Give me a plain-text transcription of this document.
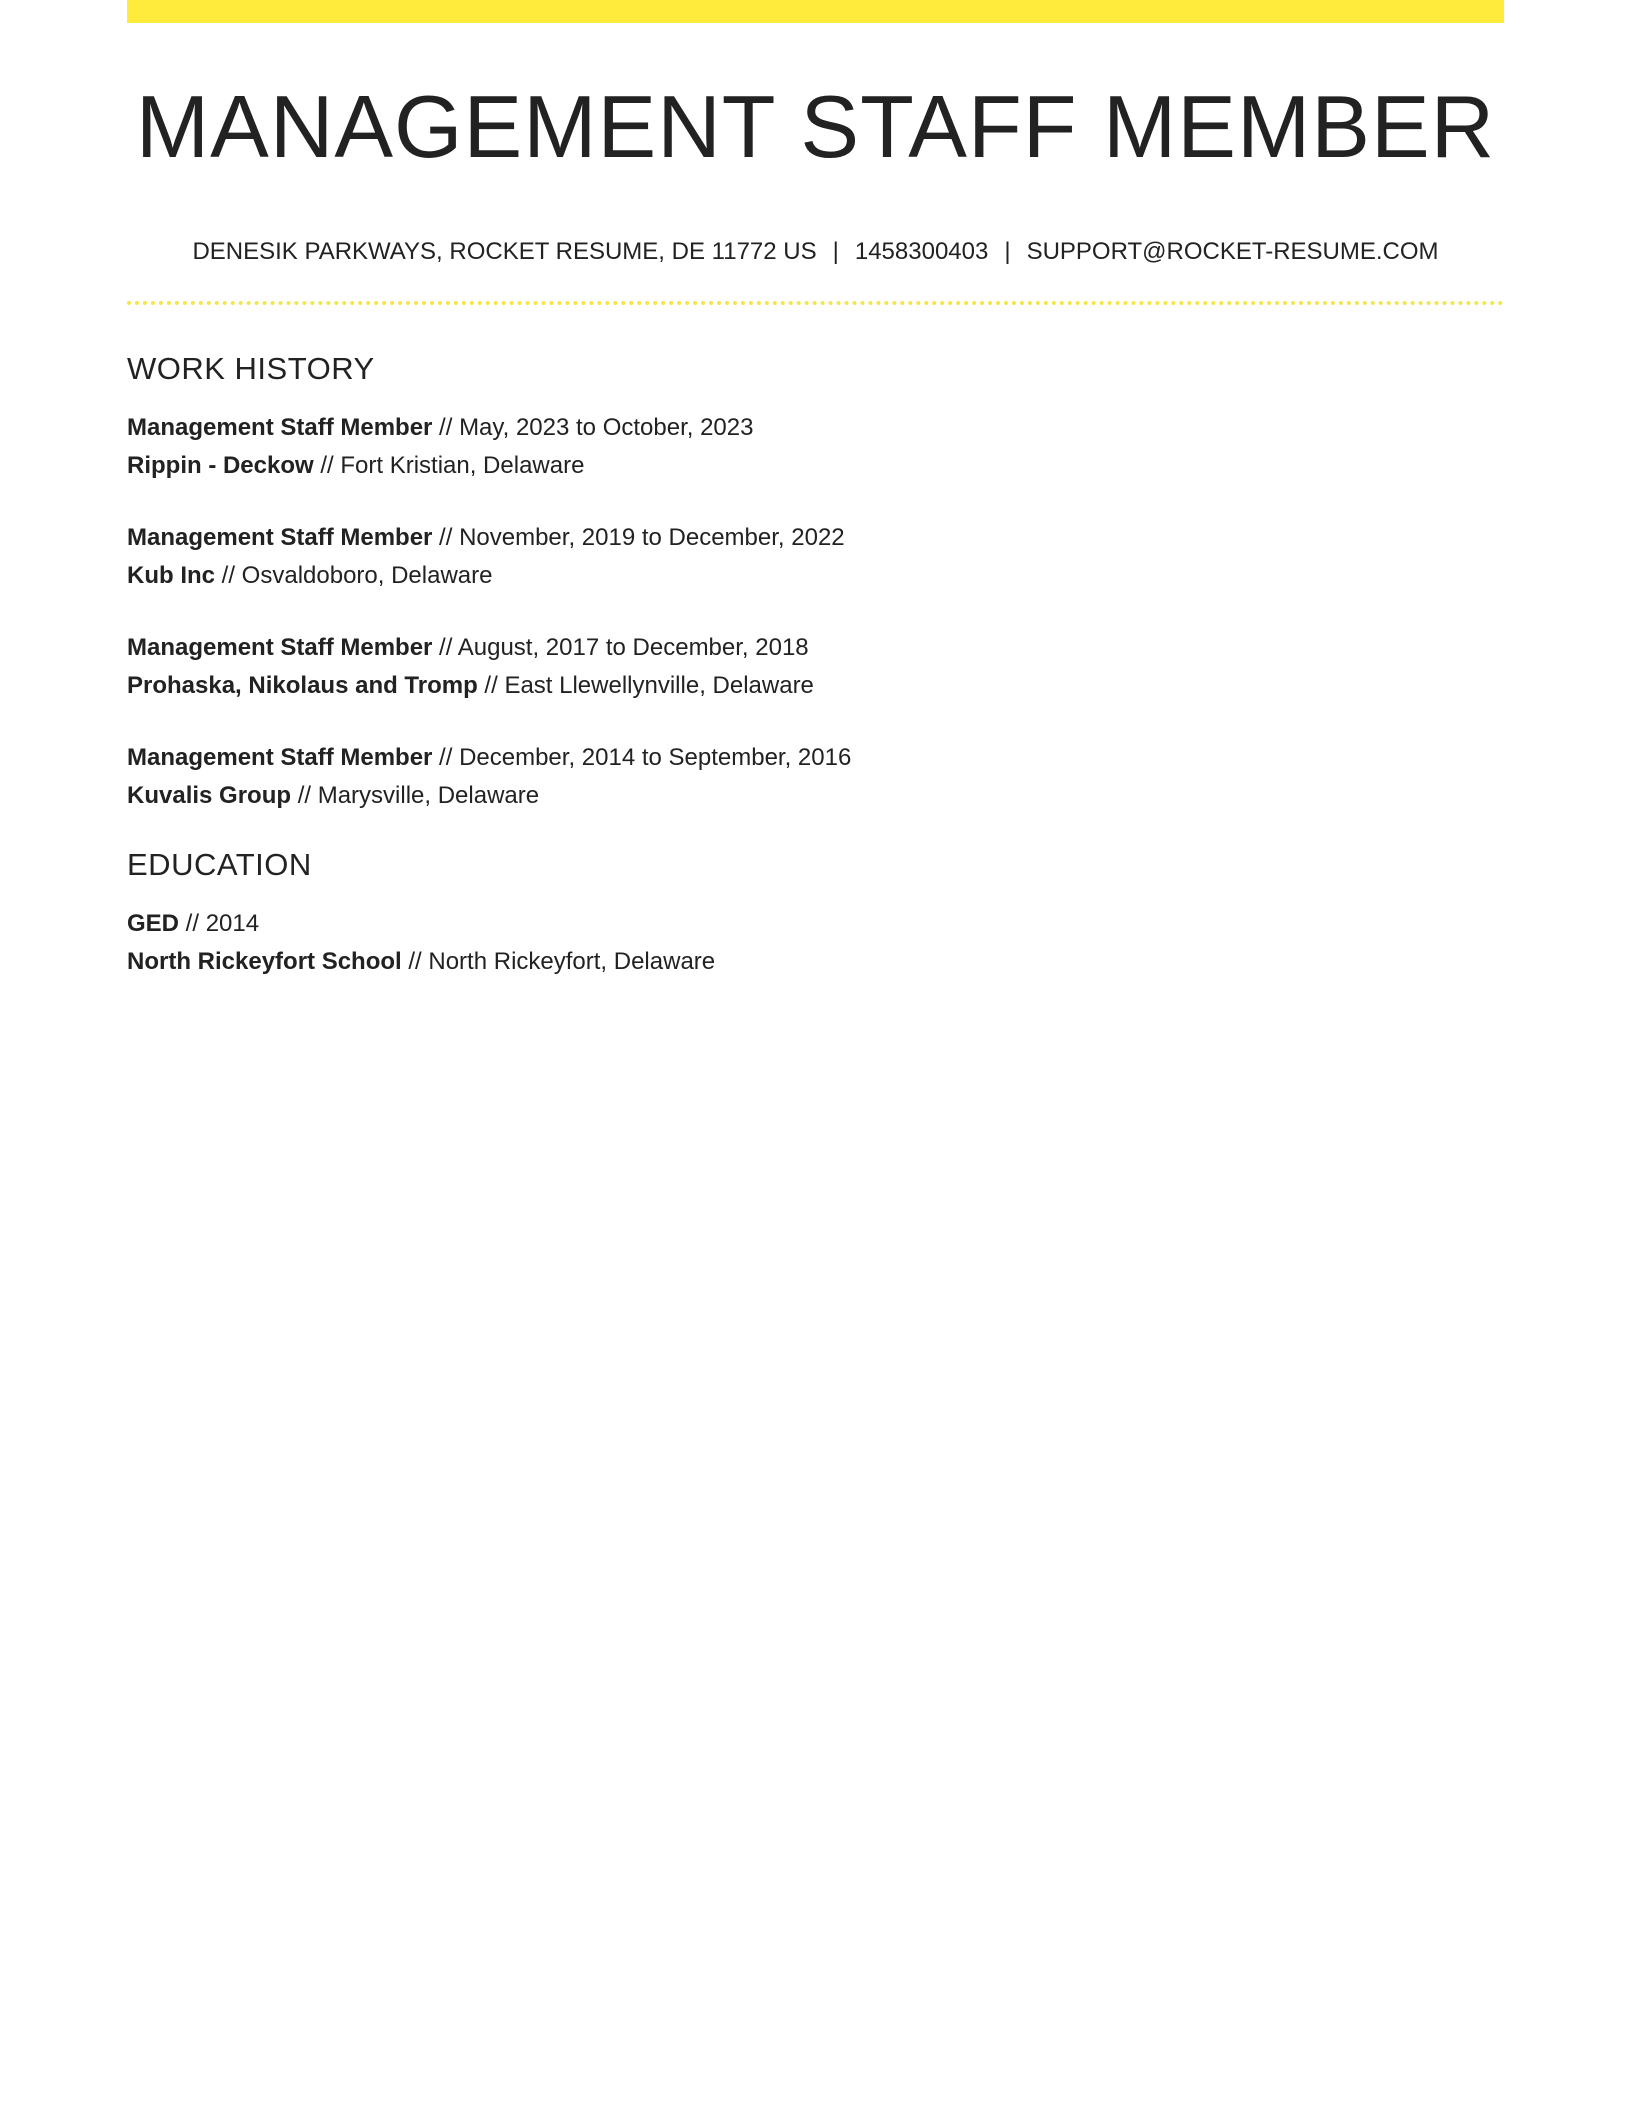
MANAGEMENT STAFF MEMBER
DENESIK PARKWAYS, ROCKET RESUME, DE 11772 US | 1458300403 | SUPPORT@ROCKET-RESUME.COM
WORK HISTORY
Management Staff Member // May, 2023 to October, 2023
Rippin - Deckow // Fort Kristian, Delaware
Management Staff Member // November, 2019 to December, 2022
Kub Inc // Osvaldoboro, Delaware
Management Staff Member // August, 2017 to December, 2018
Prohaska, Nikolaus and Tromp // East Llewellynville, Delaware
Management Staff Member // December, 2014 to September, 2016
Kuvalis Group // Marysville, Delaware
EDUCATION
GED // 2014
North Rickeyfort School // North Rickeyfort, Delaware
